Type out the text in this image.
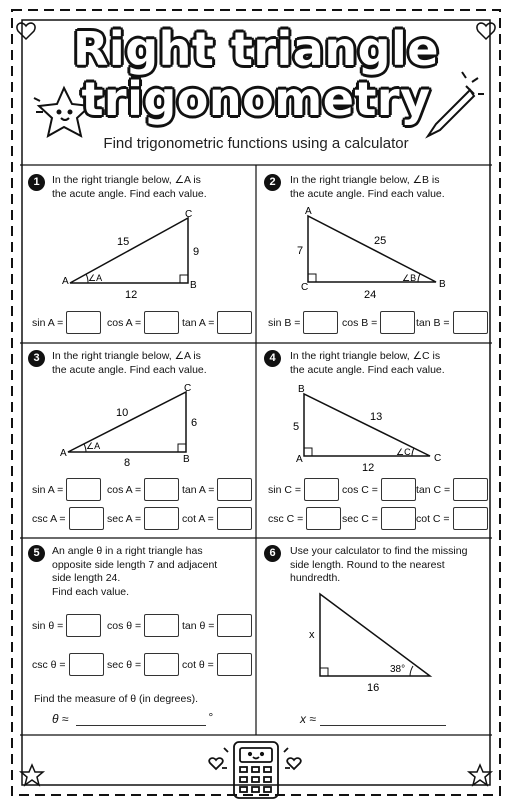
Right triangle
trigonometry
Find trigonometric functions using a calculator
1	In the right triangle below, ∠A is
the acute angle. Find each value.
A	B
C
15
9
12
∠A
sin A =	cos A =	tan A =
2	In the right triangle below, ∠B is
the acute angle. Find each value.
A
B
C
25
7
24
∠B
sin B =	cos B =	tan B =
3	In the right triangle below, ∠A is
the acute angle. Find each value.
A
B
C
10
6
8
∠A
sin A =	cos A =	tan A =
csc A =	sec A =	cot A =
4	In the right triangle below, ∠C is
the acute angle. Find each value.
B
A	C
13
5
12
∠C
sin C =	cos C =	tan C =
csc C =	sec C =	cot C =
5	An angle θ in a right triangle has
opposite side length 7 and adjacent
side length 24.
Find each value.
sin θ =	cos θ =	tan θ =
csc θ =	sec θ =	cot θ =
Find the measure of θ (in degrees).
θ ≈	°
6	Use your calculator to find the missing
side length. Round to the nearest
hundredth.
x
16
38°
x ≈
